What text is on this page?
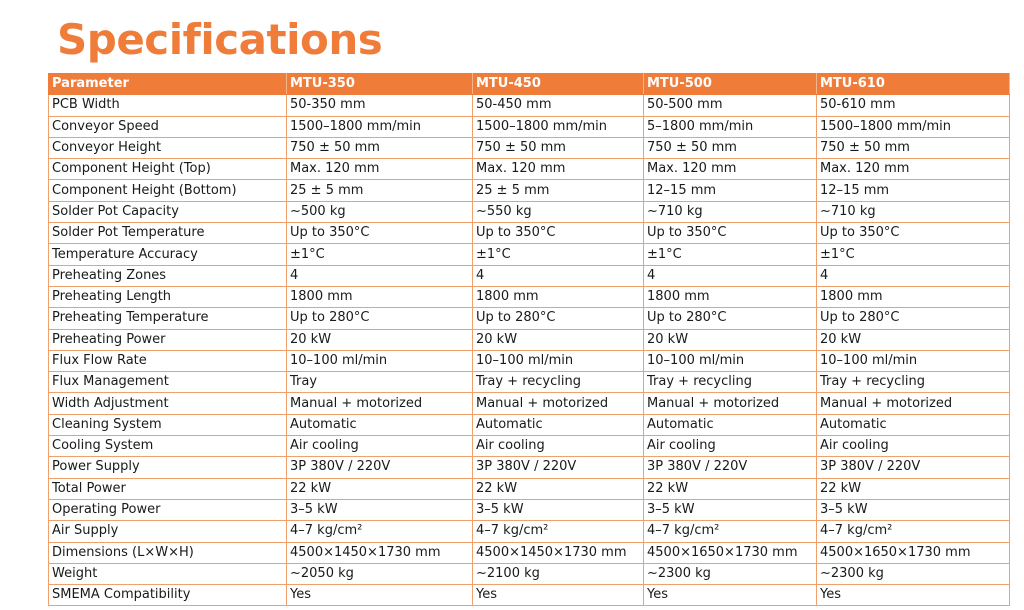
Specifications
Parameter	MTU-350	MTU-450	MTU-500	MTU-610
PCB Width	50-350 mm	50-450 mm	50-500 mm	50-610 mm
Conveyor Speed	1500–1800 mm/min	1500–1800 mm/min	5–1800 mm/min	1500–1800 mm/min
Conveyor Height	750 ± 50 mm	750 ± 50 mm	750 ± 50 mm	750 ± 50 mm
Component Height (Top)	Max. 120 mm	Max. 120 mm	Max. 120 mm	Max. 120 mm
Component Height (Bottom)	25 ± 5 mm	25 ± 5 mm	12–15 mm	12–15 mm
Solder Pot Capacity	~500 kg	~550 kg	~710 kg	~710 kg
Solder Pot Temperature	Up to 350°C	Up to 350°C	Up to 350°C	Up to 350°C
Temperature Accuracy	±1°C	±1°C	±1°C	±1°C
Preheating Zones	4	4	4	4
Preheating Length	1800 mm	1800 mm	1800 mm	1800 mm
Preheating Temperature	Up to 280°C	Up to 280°C	Up to 280°C	Up to 280°C
Preheating Power	20 kW	20 kW	20 kW	20 kW
Flux Flow Rate	10–100 ml/min	10–100 ml/min	10–100 ml/min	10–100 ml/min
Flux Management	Tray	Tray + recycling	Tray + recycling	Tray + recycling
Width Adjustment	Manual + motorized	Manual + motorized	Manual + motorized	Manual + motorized
Cleaning System	Automatic	Automatic	Automatic	Automatic
Cooling System	Air cooling	Air cooling	Air cooling	Air cooling
Power Supply	3P 380V / 220V	3P 380V / 220V	3P 380V / 220V	3P 380V / 220V
Total Power	22 kW	22 kW	22 kW	22 kW
Operating Power	3–5 kW	3–5 kW	3–5 kW	3–5 kW
Air Supply	4–7 kg/cm²	4–7 kg/cm²	4–7 kg/cm²	4–7 kg/cm²
Dimensions (L×W×H)	4500×1450×1730 mm	4500×1450×1730 mm	4500×1650×1730 mm	4500×1650×1730 mm
Weight	~2050 kg	~2100 kg	~2300 kg	~2300 kg
SMEMA Compatibility	Yes	Yes	Yes	Yes
